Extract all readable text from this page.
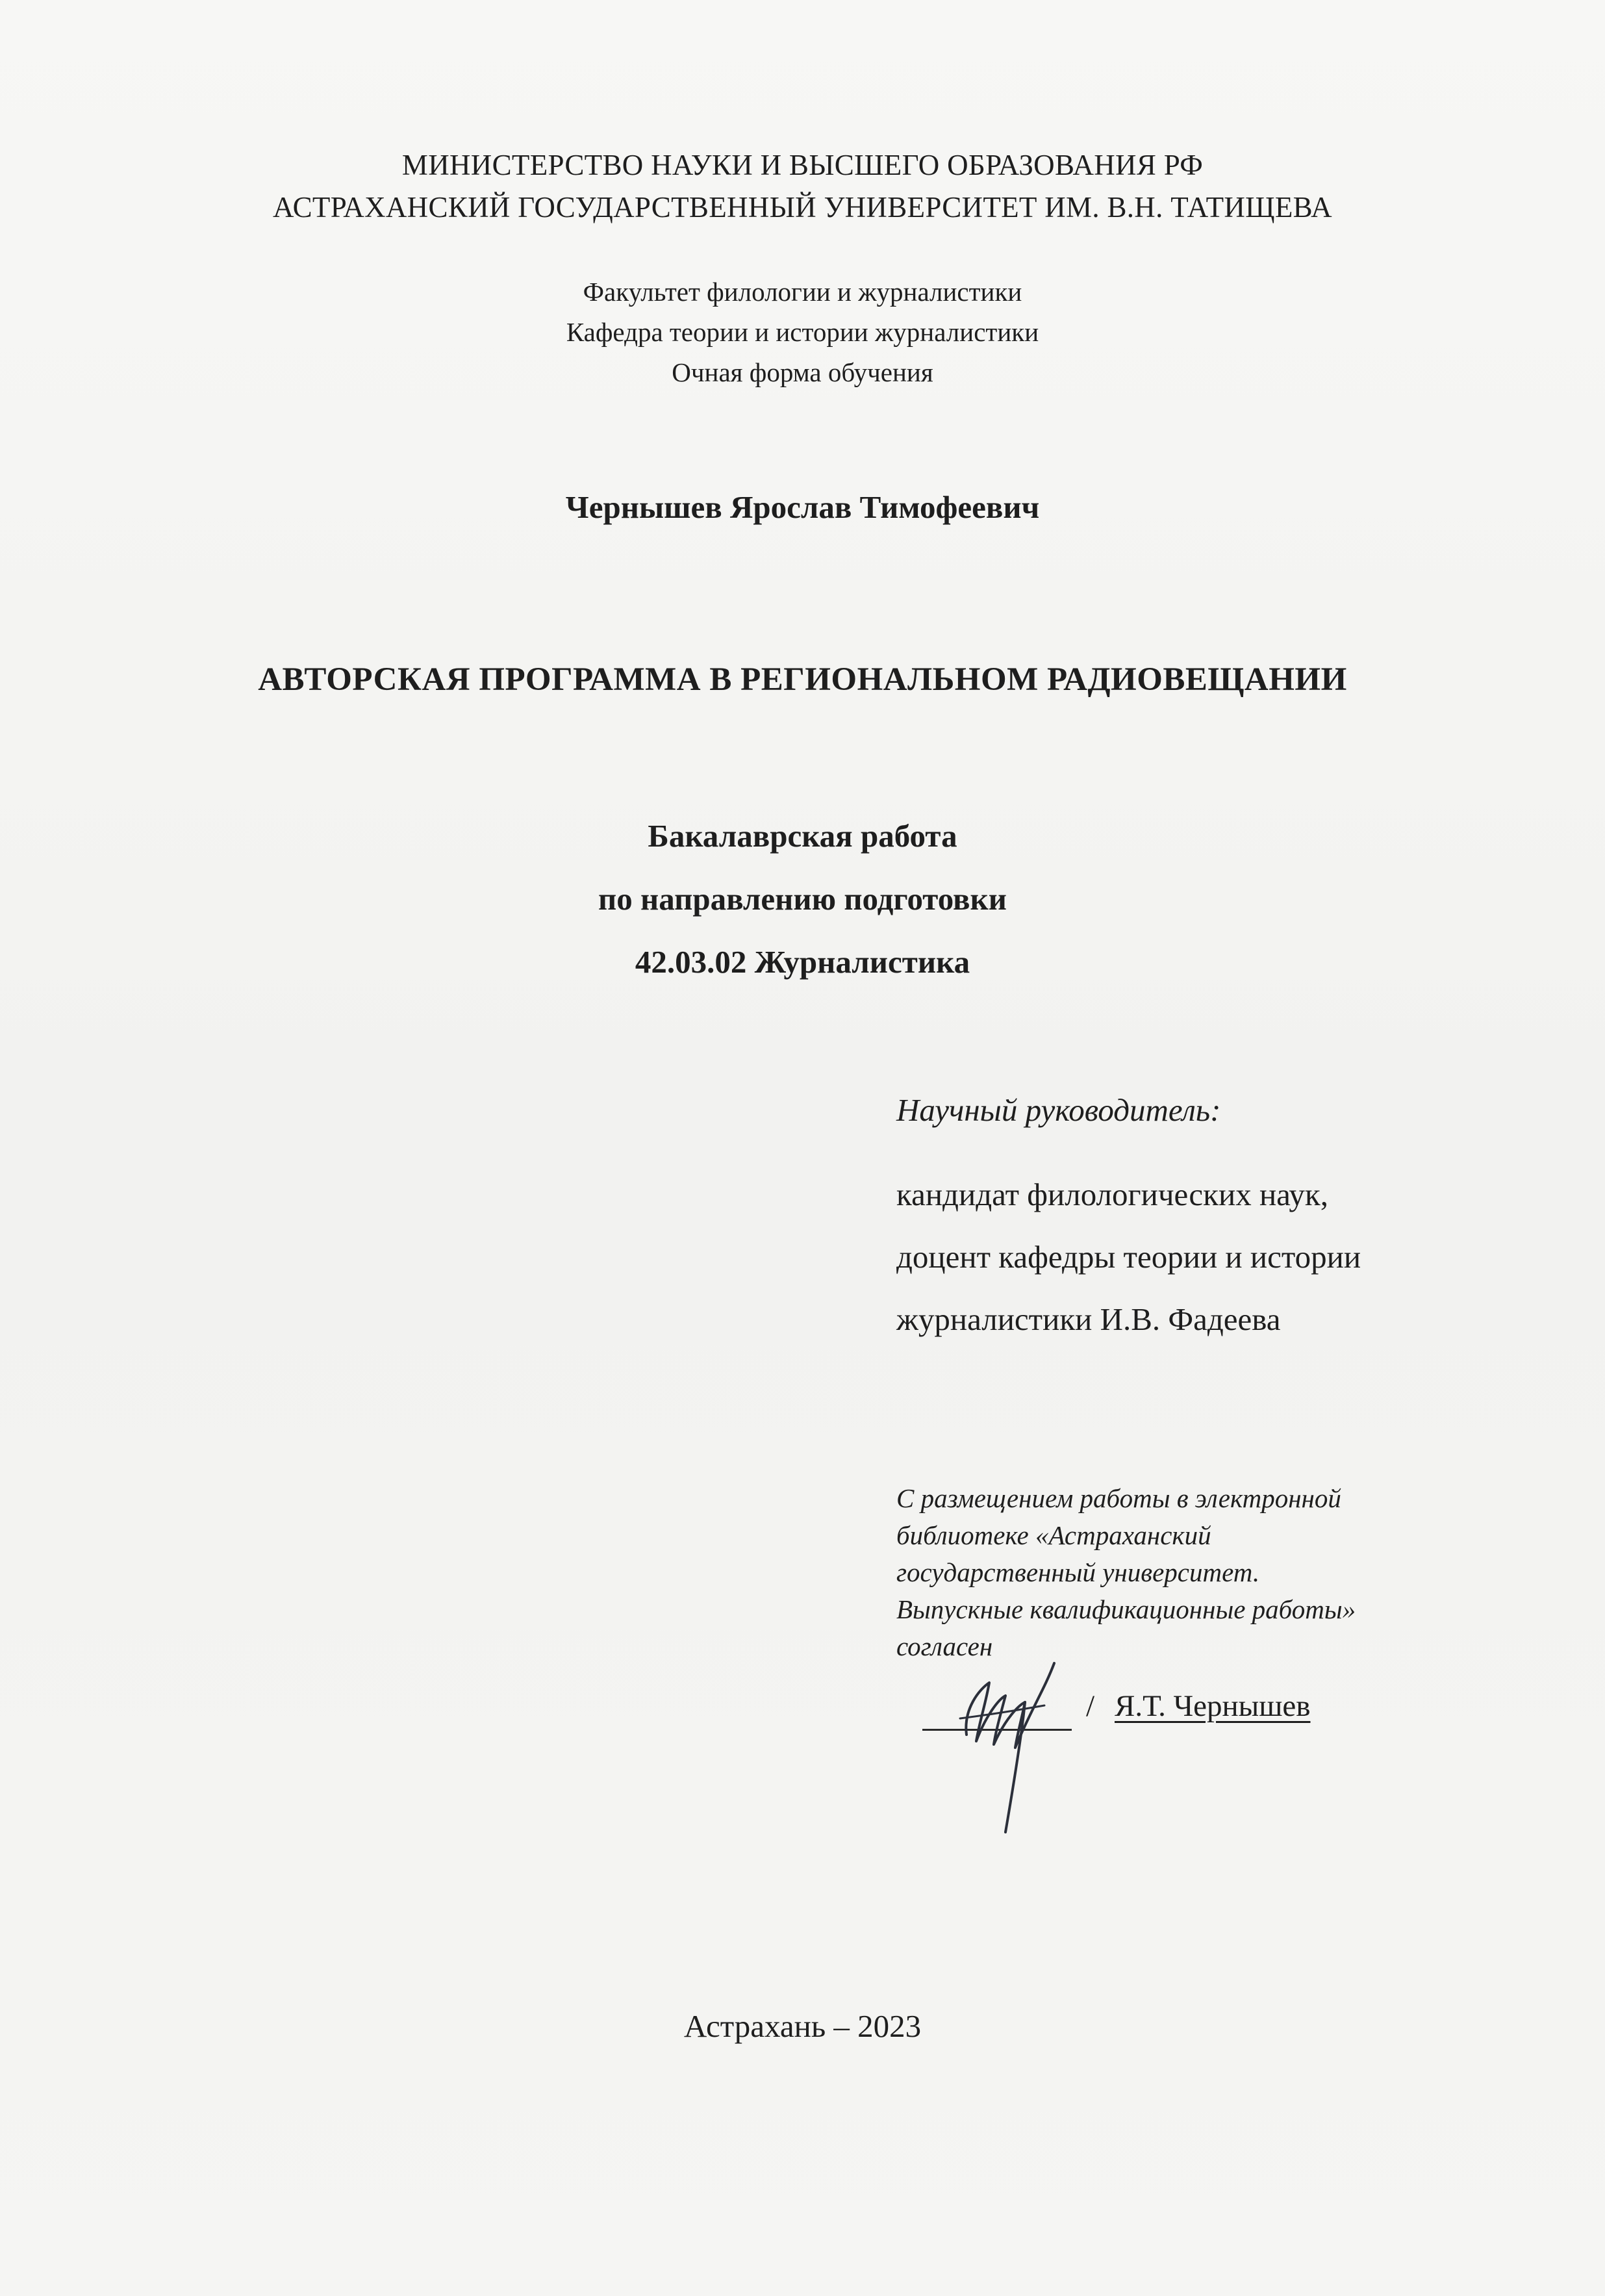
МИНИСТЕРСТВО НАУКИ И ВЫСШЕГО ОБРАЗОВАНИЯ РФ
АСТРАХАНСКИЙ ГОСУДАРСТВЕННЫЙ УНИВЕРСИТЕТ ИМ. В.Н. ТАТИЩЕВА
Факультет филологии и журналистики
Кафедра теории и истории журналистики
Очная форма обучения
Чернышев Ярослав Тимофеевич
АВТОРСКАЯ ПРОГРАММА В РЕГИОНАЛЬНОМ РАДИОВЕЩАНИИ
Бакалаврская работа
по направлению подготовки
42.03.02 Журналистика
Научный руководитель:
кандидат филологических наук,
доцент кафедры теории и истории
журналистики И.В. Фадеева
С размещением работы в электронной
библиотеке «Астраханский
государственный университет.
Выпускные квалификационные работы»
согласен
/ Я.Т. Чернышев
Астрахань – 2023
